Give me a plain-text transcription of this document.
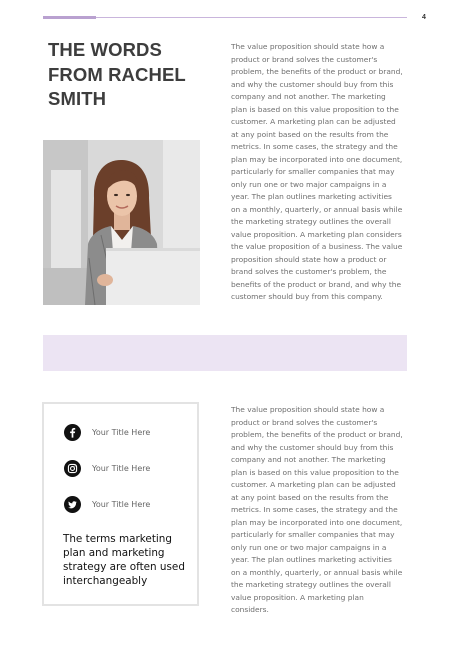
4
THE WORDS FROM RACHEL SMITH

The value proposition should state how a product or brand solves the customer's problem, the benefits of the product or brand, and why the customer should buy from this company and not another. The marketing plan is based on this value proposition to the customer. A marketing plan can be adjusted at any point based on the results from the metrics. In some cases, the strategy and the plan may be incorporated into one document, particularly for smaller companies that may only run one or two major campaigns in a year. The plan outlines marketing activities on a monthly, quarterly, or annual basis while the marketing strategy outlines the overall value proposition. A marketing plan considers the value proposition of a business. The value proposition should state how a product or brand solves the customer's problem, the benefits of the product or brand, and why the customer should buy from this company.

Your Title Here
Your Title Here
Your Title Here

The terms marketing plan and marketing strategy are often used interchangeably

The value proposition should state how a product or brand solves the customer's problem, the benefits of the product or brand, and why the customer should buy from this company and not another. The marketing plan is based on this value proposition to the customer. A marketing plan can be adjusted at any point based on the results from the metrics. In some cases, the strategy and the plan may be incorporated into one document, particularly for smaller companies that may only run one or two major campaigns in a year. The plan outlines marketing activities on a monthly, quarterly, or annual basis while the marketing strategy outlines the overall value proposition. A marketing plan considers.
